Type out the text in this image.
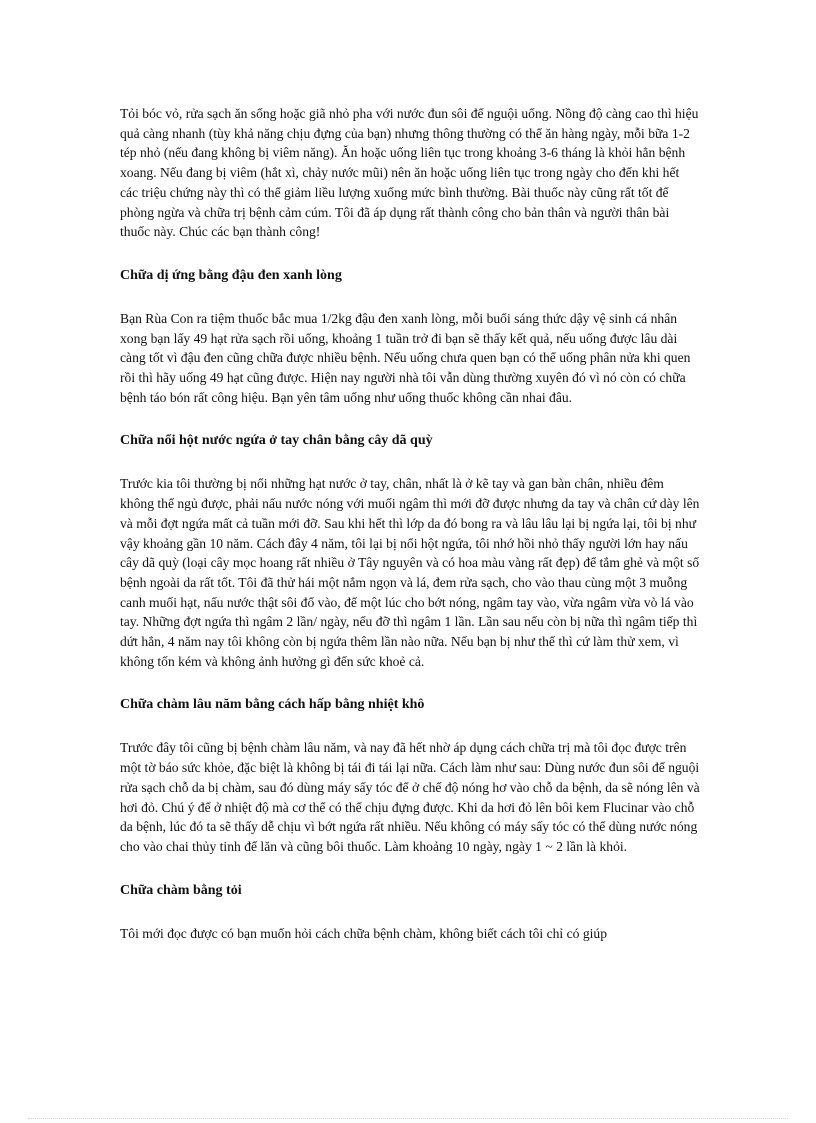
Tỏi bóc vỏ, rửa sạch ăn sống hoặc giã nhỏ pha với nước đun sôi để nguội uống. Nồng độ càng cao thì hiệu quả càng nhanh (tùy khả năng chịu đựng của bạn) nhưng thông thường có thể ăn hàng ngày, mỗi bữa 1-2 tép nhỏ (nếu đang không bị viêm năng). Ăn hoặc uống liên tục trong khoảng 3-6 tháng là khỏi hẳn bệnh xoang. Nếu đang bị viêm (hắt xì, chảy nước mũi) nên ăn hoặc uống liên tục trong ngày cho đến khi hết các triệu chứng này thì có thể giảm liều lượng xuống mức bình thường. Bài thuốc này cũng rất tốt để phòng ngừa và chữa trị bệnh cảm cúm. Tôi đã áp dụng rất thành công cho bản thân và người thân bài thuốc này. Chúc các bạn thành công!

Chữa dị ứng bằng đậu đen xanh lòng

Bạn Rùa Con ra tiệm thuốc bắc mua 1/2kg đậu đen xanh lòng, mỗi buổi sáng thức dậy vệ sinh cá nhân xong bạn lấy 49 hạt rửa sạch rồi uống, khoảng 1 tuần trở đi bạn sẽ thấy kết quả, nếu uống được lâu dài càng tốt vì đậu đen cũng chữa được nhiều bệnh. Nếu uống chưa quen bạn có thể uống phân nửa khi quen rồi thì hãy uống 49 hạt cũng được. Hiện nay người nhà tôi vẫn dùng thường xuyên đó vì nó còn có chữa bệnh táo bón rất công hiệu. Bạn yên tâm uống như uống thuốc không cần nhai đâu.

Chữa nổi hột nước ngứa ở tay chân bằng cây dã quỳ

Trước kia tôi thường bị nổi những hạt nước ở tay, chân, nhất là ở kẽ tay và gan bàn chân, nhiều đêm không thể ngủ được, phải nấu nước nóng với muối ngâm thì mới đỡ được nhưng da tay và chân cứ dày lên và mỗi đợt ngứa mất cả tuần mới đỡ. Sau khi hết thì lớp da đó bong ra và lâu lâu lại bị ngứa lại, tôi bị như vậy khoảng gần 10 năm. Cách đây 4 năm, tôi lại bị nổi hột ngứa, tôi nhớ hồi nhỏ thấy người lớn hay nấu cây dã quỳ (loại cây mọc hoang rất nhiều ở Tây nguyên và có hoa màu vàng rất đẹp) để tắm ghẻ và một số bệnh ngoài da rất tốt. Tôi đã thử hái một nắm ngọn và lá, đem rửa sạch, cho vào thau cùng một 3 muỗng canh muối hạt, nấu nước thật sôi đổ vào, để một lúc cho bớt nóng, ngâm tay vào, vừa ngâm vừa vò lá vào tay. Những đợt ngứa thì ngâm 2 lần/ ngày, nếu đỡ thì ngâm 1 lần. Lần sau nếu còn bị nữa thì ngâm tiếp thì dứt hẳn, 4 năm nay tôi không còn bị ngứa thêm lần nào nữa. Nếu bạn bị như thế thì cứ làm thử xem, vì không tốn kém và không ảnh hưởng gì đến sức khoẻ cả.

Chữa chàm lâu năm bằng cách hấp bằng nhiệt khô

Trước đây tôi cũng bị bệnh chàm lâu năm, và nay đã hết nhờ áp dụng cách chữa trị mà tôi đọc được trên một tờ báo sức khỏe, đặc biệt là không bị tái đi tái lại nữa. Cách làm như sau: Dùng nước đun sôi để nguội rửa sạch chỗ da bị chàm, sau đó dùng máy sấy tóc để ở chế độ nóng hơ vào chỗ da bệnh, da sẽ nóng lên và hơi đỏ. Chú ý để ở nhiệt độ mà cơ thể có thể chịu đựng được. Khi da hơi đỏ lên bôi kem Flucinar vào chỗ da bệnh, lúc đó ta sẽ thấy dễ chịu vì bớt ngứa rất nhiều. Nếu không có máy sấy tóc có thể dùng nước nóng cho vào chai thủy tinh để lăn và cũng bôi thuốc. Làm khoảng 10 ngày, ngày 1 ~ 2 lần là khỏi.

Chữa chàm bằng tỏi

Tôi mới đọc được có bạn muốn hỏi cách chữa bệnh chàm, không biết cách tôi chỉ có giúp
